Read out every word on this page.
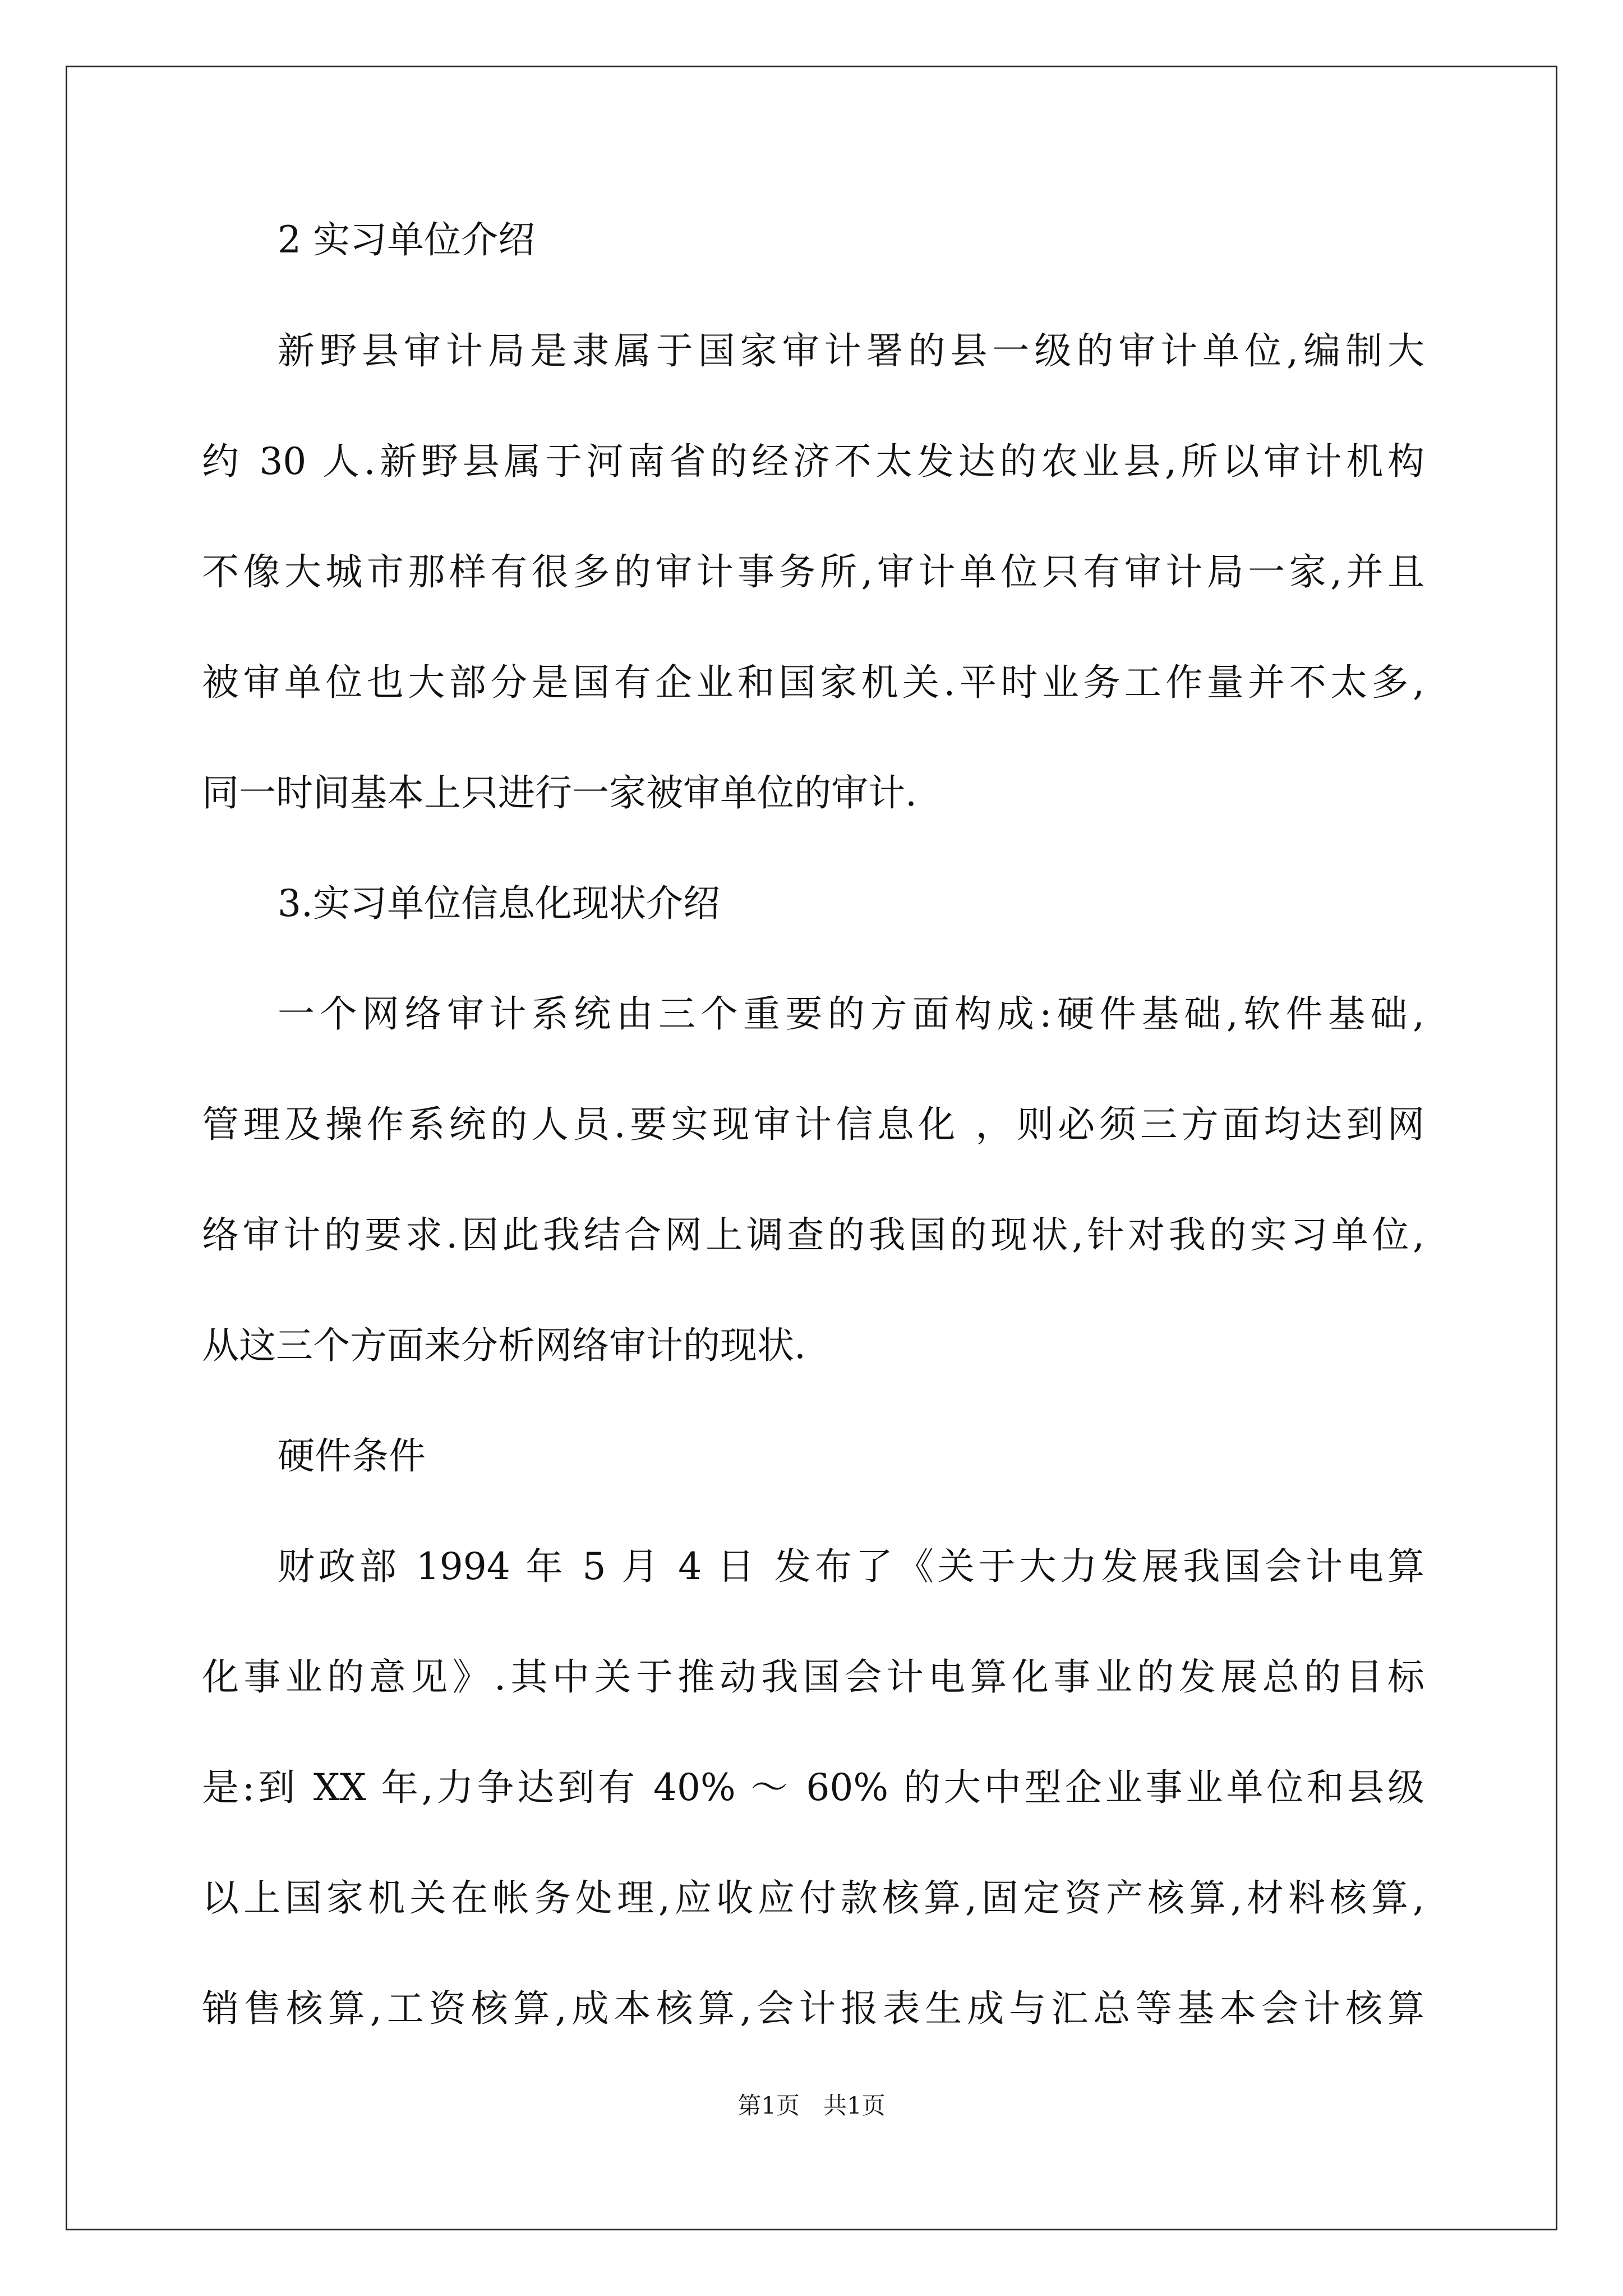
2 实习单位介绍
新野县审计局是隶属于国家审计署的县一级的审计单位,编制大
约 30 人.新野县属于河南省的经济不太发达的农业县,所以审计机构
不像大城市那样有很多的审计事务所,审计单位只有审计局一家,并且
被审单位也大部分是国有企业和国家机关.平时业务工作量并不太多,
同一时间基本上只进行一家被审单位的审计.
3.实习单位信息化现状介绍
一个网络审计系统由三个重要的方面构成:硬件基础,软件基础,
管理及操作系统的人员.要实现审计信息化 ，则必须三方面均达到网
络审计的要求.因此我结合网上调查的我国的现状,针对我的实习单位,
从这三个方面来分析网络审计的现状.
硬件条件
财政部 1994 年 5 月 4 日 发布了《关于大力发展我国会计电算
化事业的意见》.其中关于推动我国会计电算化事业的发展总的目标
是:到 XX 年,力争达到有 40% ～ 60% 的大中型企业事业单位和县级
以上国家机关在帐务处理,应收应付款核算,固定资产核算,材料核算,
销售核算,工资核算,成本核算,会计报表生成与汇总等基本会计核算
第1页　共1页
